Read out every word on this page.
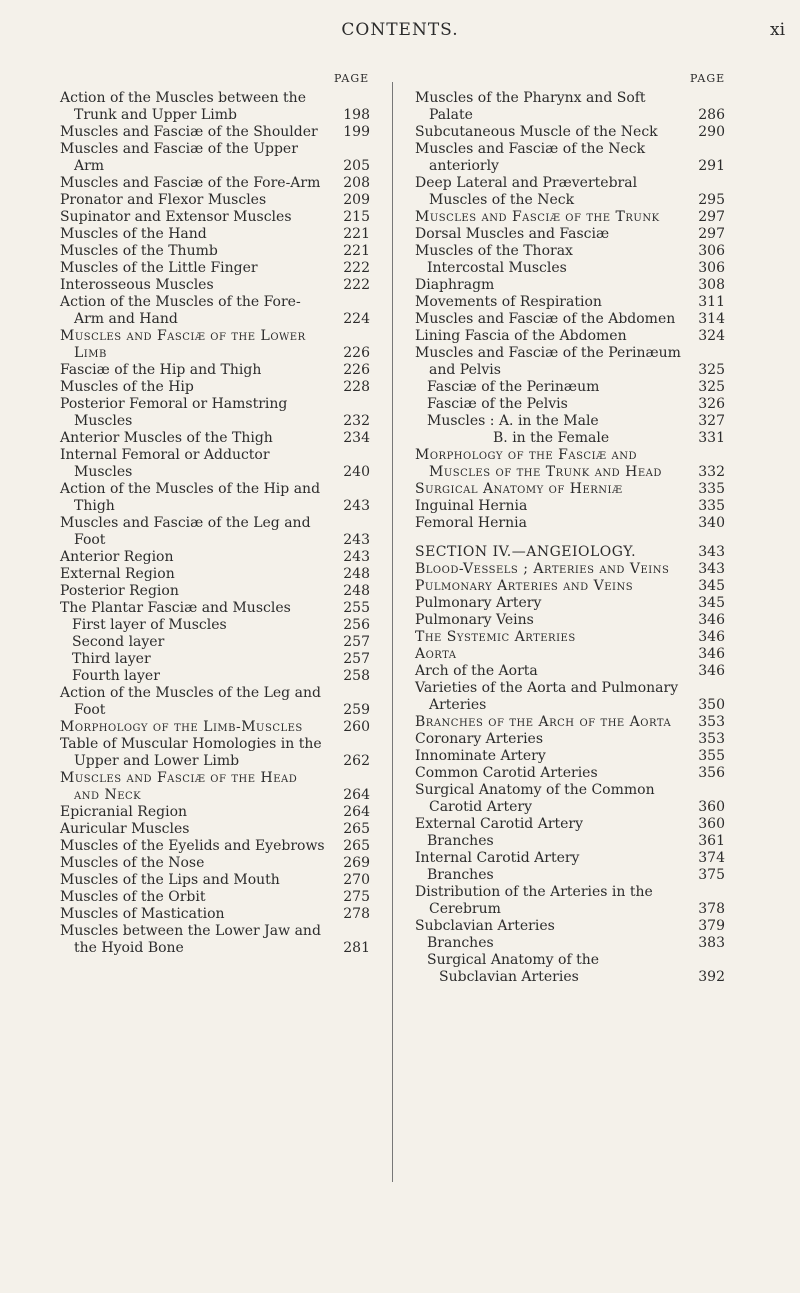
CONTENTS.	xi
PAGE	PAGE
Action of the Muscles between the Trunk and Upper Limb	198
Muscles and Fasciæ of the Shoulder	199
Muscles and Fasciæ of the Upper Arm	205
Muscles and Fasciæ of the Fore-Arm	208
Pronator and Flexor Muscles	209
Supinator and Extensor Muscles	215
Muscles of the Hand	221
Muscles of the Thumb	221
Muscles of the Little Finger	222
Interosseous Muscles	222
Action of the Muscles of the Fore-Arm and Hand	224
Muscles and Fasciæ of the Lower Limb	226
Fasciæ of the Hip and Thigh	226
Muscles of the Hip	228
Posterior Femoral or Hamstring Muscles	232
Anterior Muscles of the Thigh	234
Internal Femoral or Adductor Muscles	240
Action of the Muscles of the Hip and Thigh	243
Muscles and Fasciæ of the Leg and Foot	243
Anterior Region	243
External Region	248
Posterior Region	248
The Plantar Fasciæ and Muscles	255
First layer of Muscles	256
Second layer	257
Third layer	257
Fourth layer	258
Action of the Muscles of the Leg and Foot	259
Morphology of the Limb-Muscles	260
Table of Muscular Homologies in the Upper and Lower Limb	262
Muscles and Fasciæ of the Head and Neck	264
Epicranial Region	264
Auricular Muscles	265
Muscles of the Eyelids and Eyebrows	265
Muscles of the Nose	269
Muscles of the Lips and Mouth	270
Muscles of the Orbit	275
Muscles of Mastication	278
Muscles between the Lower Jaw and the Hyoid Bone	281
Muscles of the Pharynx and Soft Palate	286
Subcutaneous Muscle of the Neck	290
Muscles and Fasciæ of the Neck anteriorly	291
Deep Lateral and Prævertebral Muscles of the Neck	295
Muscles and Fasciæ of the Trunk	297
Dorsal Muscles and Fasciæ	297
Muscles of the Thorax	306
Intercostal Muscles	306
Diaphragm	308
Movements of Respiration	311
Muscles and Fasciæ of the Abdomen	314
Lining Fascia of the Abdomen	324
Muscles and Fasciæ of the Perinæum and Pelvis	325
Fasciæ of the Perinæum	325
Fasciæ of the Pelvis	326
Muscles : A. in the Male	327
B. in the Female	331
Morphology of the Fasciæ and Muscles of the Trunk and Head	332
Surgical Anatomy of Herniæ	335
Inguinal Hernia	335
Femoral Hernia	340
SECTION IV.—ANGEIOLOGY.	343
Blood-Vessels ; Arteries and Veins	343
Pulmonary Arteries and Veins	345
Pulmonary Artery	345
Pulmonary Veins	346
The Systemic Arteries	346
Aorta	346
Arch of the Aorta	346
Varieties of the Aorta and Pulmonary Arteries	350
Branches of the Arch of the Aorta	353
Coronary Arteries	353
Innominate Artery	355
Common Carotid Arteries	356
Surgical Anatomy of the Common Carotid Artery	360
External Carotid Artery	360
Branches	361
Internal Carotid Artery	374
Branches	375
Distribution of the Arteries in the Cerebrum	378
Subclavian Arteries	379
Branches	383
Surgical Anatomy of the Subclavian Arteries	392
